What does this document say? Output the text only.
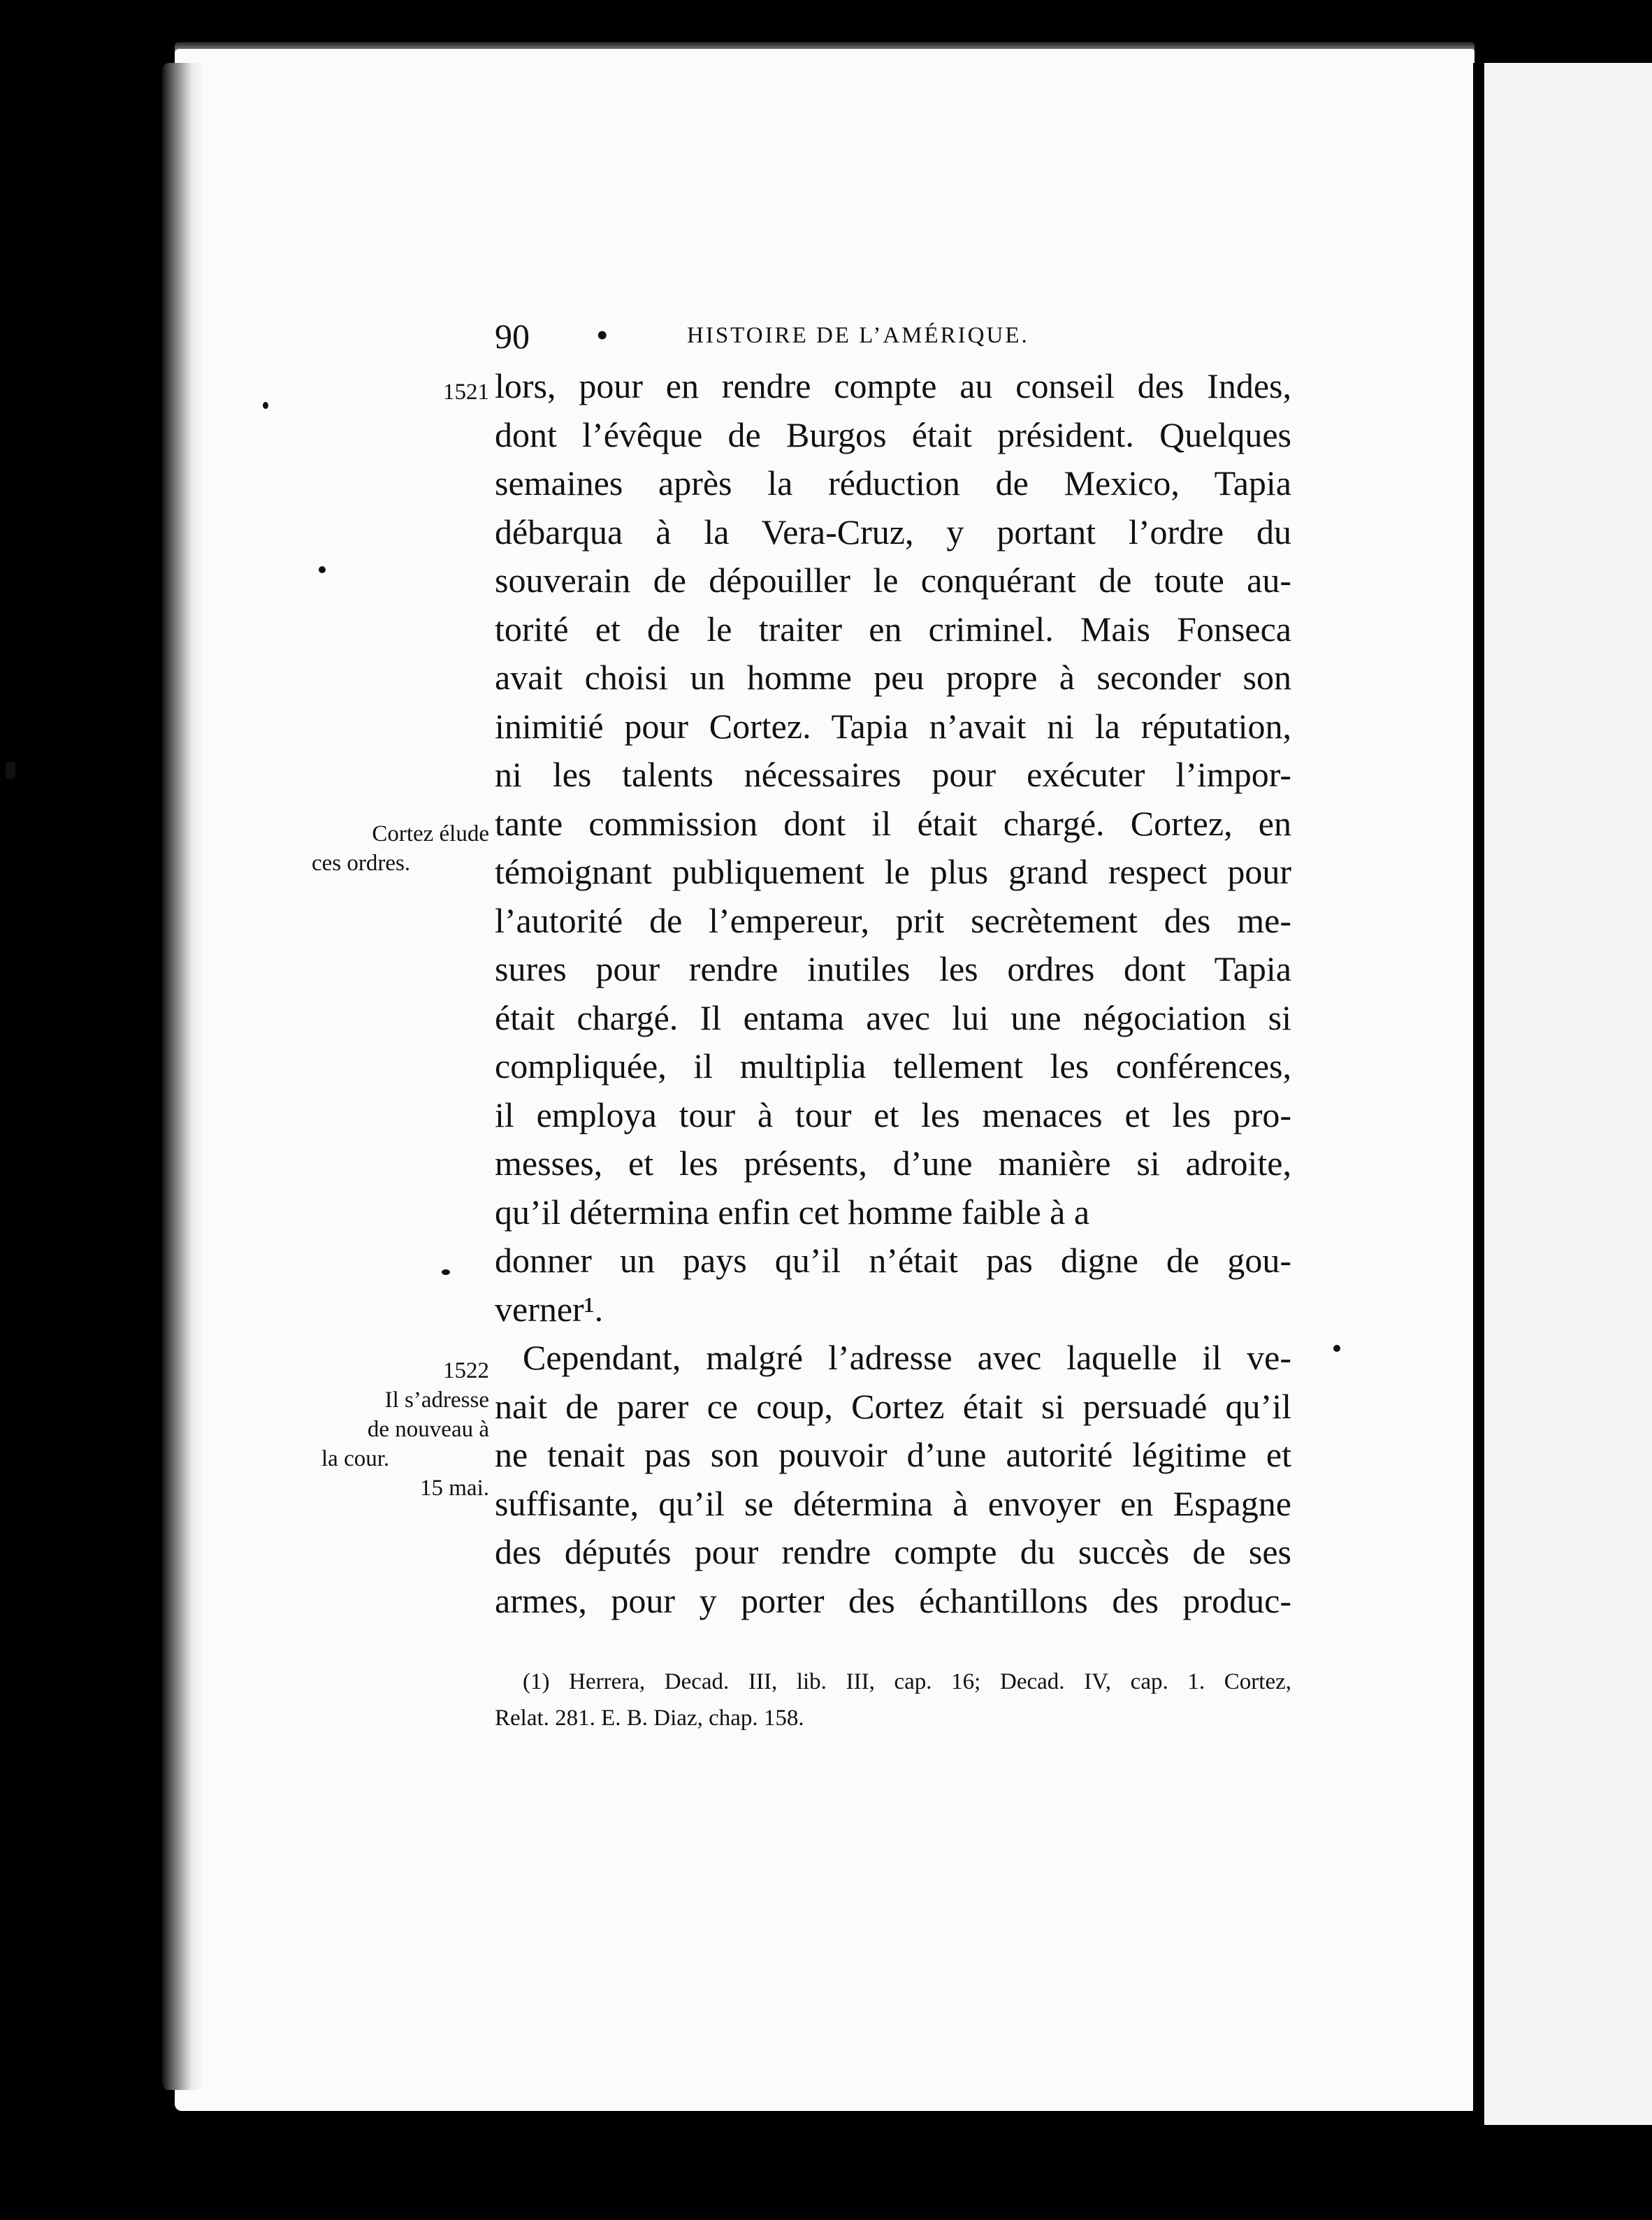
90 •	HISTOIRE DE L’AMÉRIQUE.
1521
Cortez élude
ces ordres.
1522
Il s’adresse
de nouveau à
la cour.
15 mai.
lors, pour en rendre compte au conseil des Indes,
dont l’évêque de Burgos était président. Quelques
semaines après la réduction de Mexico, Tapia
débarqua à la Vera-Cruz, y portant l’ordre du
souverain de dépouiller le conquérant de toute au-
torité et de le traiter en criminel. Mais Fonseca
avait choisi un homme peu propre à seconder son
inimitié pour Cortez. Tapia n’avait ni la réputation,
ni les talents nécessaires pour exécuter l’impor-
tante commission dont il était chargé. Cortez, en
témoignant publiquement le plus grand respect pour
l’autorité de l’empereur, prit secrètement des me-
sures pour rendre inutiles les ordres dont Tapia
était chargé. Il entama avec lui une négociation si
compliquée, il multiplia tellement les conférences,
il employa tour à tour et les menaces et les pro-
messes, et les présents, d’une manière si adroite,
qu’il détermina enfin cet homme faible à a
donner un pays qu’il n’était pas digne de gou-
verner¹.
Cependant, malgré l’adresse avec laquelle il ve-
nait de parer ce coup, Cortez était si persuadé qu’il
ne tenait pas son pouvoir d’une autorité légitime et
suffisante, qu’il se détermina à envoyer en Espagne
des députés pour rendre compte du succès de ses
armes, pour y porter des échantillons des produc-
(1) Herrera, Decad. III, lib. III, cap. 16; Decad. IV, cap. 1. Cortez,
Relat. 281. E. B. Diaz, chap. 158.
